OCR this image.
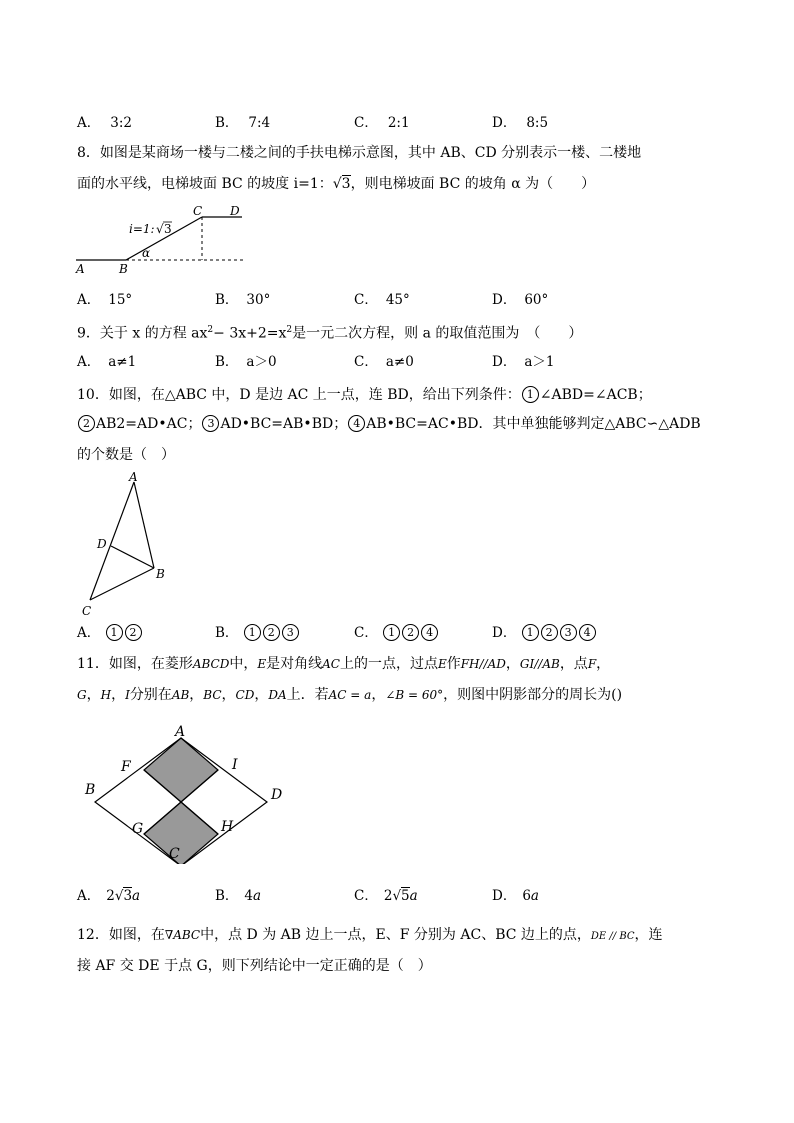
A． 3:2	B． 7:4	C． 2:1	D． 8:5
8．如图是某商场一楼与二楼之间的手扶电梯示意图，其中 AB、CD 分别表示一楼、二楼地
面的水平线，电梯坡面 BC 的坡度 i=1：√3，则电梯坡面 BC 的坡角 α 为（　　）
i=1: √ 3
α
A	B
C D
A． 15°	B． 30°	C． 45°	D． 60°
9．关于 x 的方程 $ax^2- 3x+2=x^2$是一元二次方程，则 a 的取值范围为　（　　）
A． a≠1	B． a＞0	C． a≠0	D． a＞1
10．如图，在△ABC 中，D 是边 AC 上一点，连 BD，给出下列条件： 1 ∠ABD=∠ACB；
2 AB2=AD•AC； 3 AD•BC=AB•BD； 4 AB•BC=AC•BD．其中单独能够判定△ABC∽△ADB
的个数是（　）
A
B
C
D
A． 1 2	B． 1 2 3	C． 1 2 4	D． 1 2 3 4
11．如图，在菱形ABCD中，E是对角线AC上的一点，过点E作FH//AD，GI//AB，点F，
G，H，I分别在AB，BC，CD，DA上．若AC = a，∠B = 60°，则图中阴影部分的周长为()
A
B
C
D
F
G	H
I
A． 2√3a	B． 4a	C． 2√5a	D． 6a
12．如图，在∇ABC中，点 D 为 AB 边上一点，E、F 分别为 AC、BC 边上的点，DE // BC，连
接 AF 交 DE 于点 G，则下列结论中一定正确的是（　）
